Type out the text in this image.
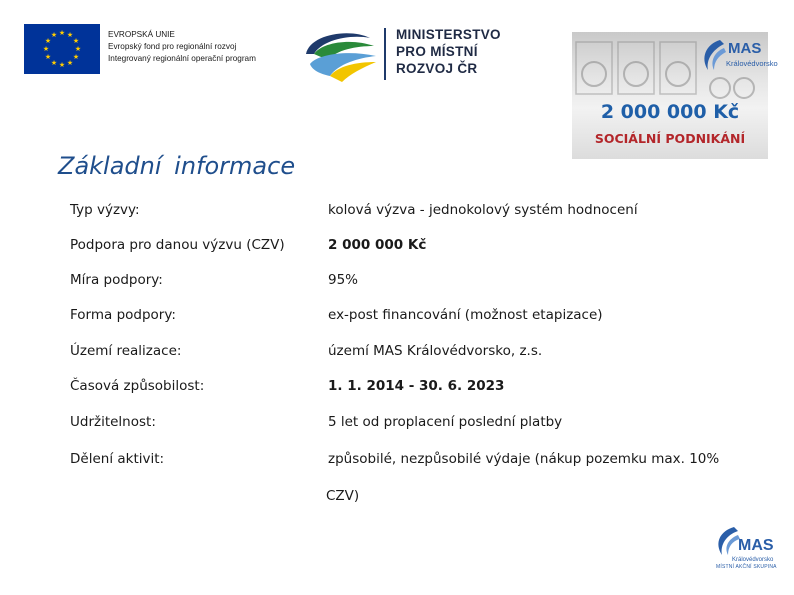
★ ★
★
★
★
★
★
★
★
★
★
★	EVROPSKÁ UNIE
Evropský fond pro regionální rozvoj
Integrovaný regionální operační program
MINISTERSTVO
PRO MÍSTNÍ
ROZVOJ ČR
MAS
Královédvorsko
2 000 000 Kč
SOCIÁLNÍ PODNIKÁNÍ
Základní informace
Typ výzvy:	kolová výzva - jednokolový systém hodnocení
Podpora pro danou výzvu (CZV)	2 000 000 Kč
Míra podpory:	95%
Forma podpory:	ex-post financování (možnost etapizace)
Území realizace:	území MAS Královédvorsko, z.s.
Časová způsobilost:	1. 1. 2014 - 30. 6. 2023
Udržitelnost:	5 let od proplacení poslední platby
Dělení aktivit:	způsobilé, nezpůsobilé výdaje (nákup pozemku max. 10%
CZV)
MAS
Královédvorsko
MÍSTNÍ AKČNÍ SKUPINA
